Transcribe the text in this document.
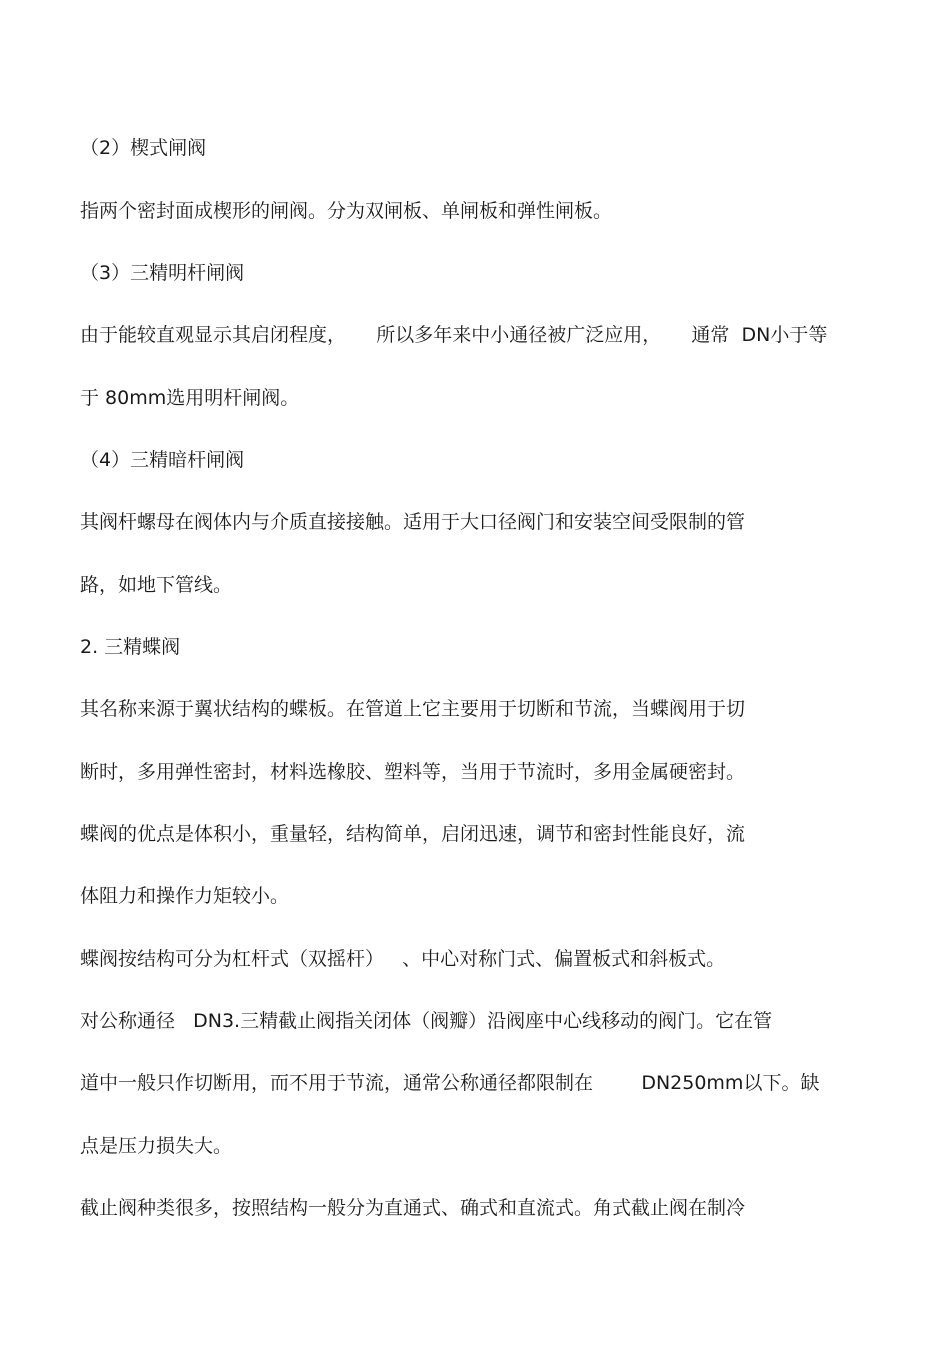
（2）楔式闸阀
指两个密封面成楔形的闸阀。分为双闸板、单闸板和弹性闸板。
（3）三精明杆闸阀
由于能较直观显示其启闭程度，     所以多年来中小通径被广泛应用，     通常  DN小于等
于 80mm选用明杆闸阀。
（4）三精暗杆闸阀
其阀杆螺母在阀体内与介质直接接触。适用于大口径阀门和安装空间受限制的管
路，如地下管线。
2. 三精蝶阀
其名称来源于翼状结构的蝶板。在管道上它主要用于切断和节流，当蝶阀用于切
断时，多用弹性密封，材料选橡胶、塑料等，当用于节流时，多用金属硬密封。
蝶阀的优点是体积小，重量轻，结构简单，启闭迅速，调节和密封性能良好，流
体阻力和操作力矩较小。
蝶阀按结构可分为杠杆式（双摇杆）   、中心对称门式、偏置板式和斜板式。
对公称通径   DN3.三精截止阀指关闭体（阀瓣）沿阀座中心线移动的阀门。它在管
道中一般只作切断用，而不用于节流，通常公称通径都限制在        DN250mm以下。缺
点是压力损失大。
截止阀种类很多，按照结构一般分为直通式、确式和直流式。角式截止阀在制冷
